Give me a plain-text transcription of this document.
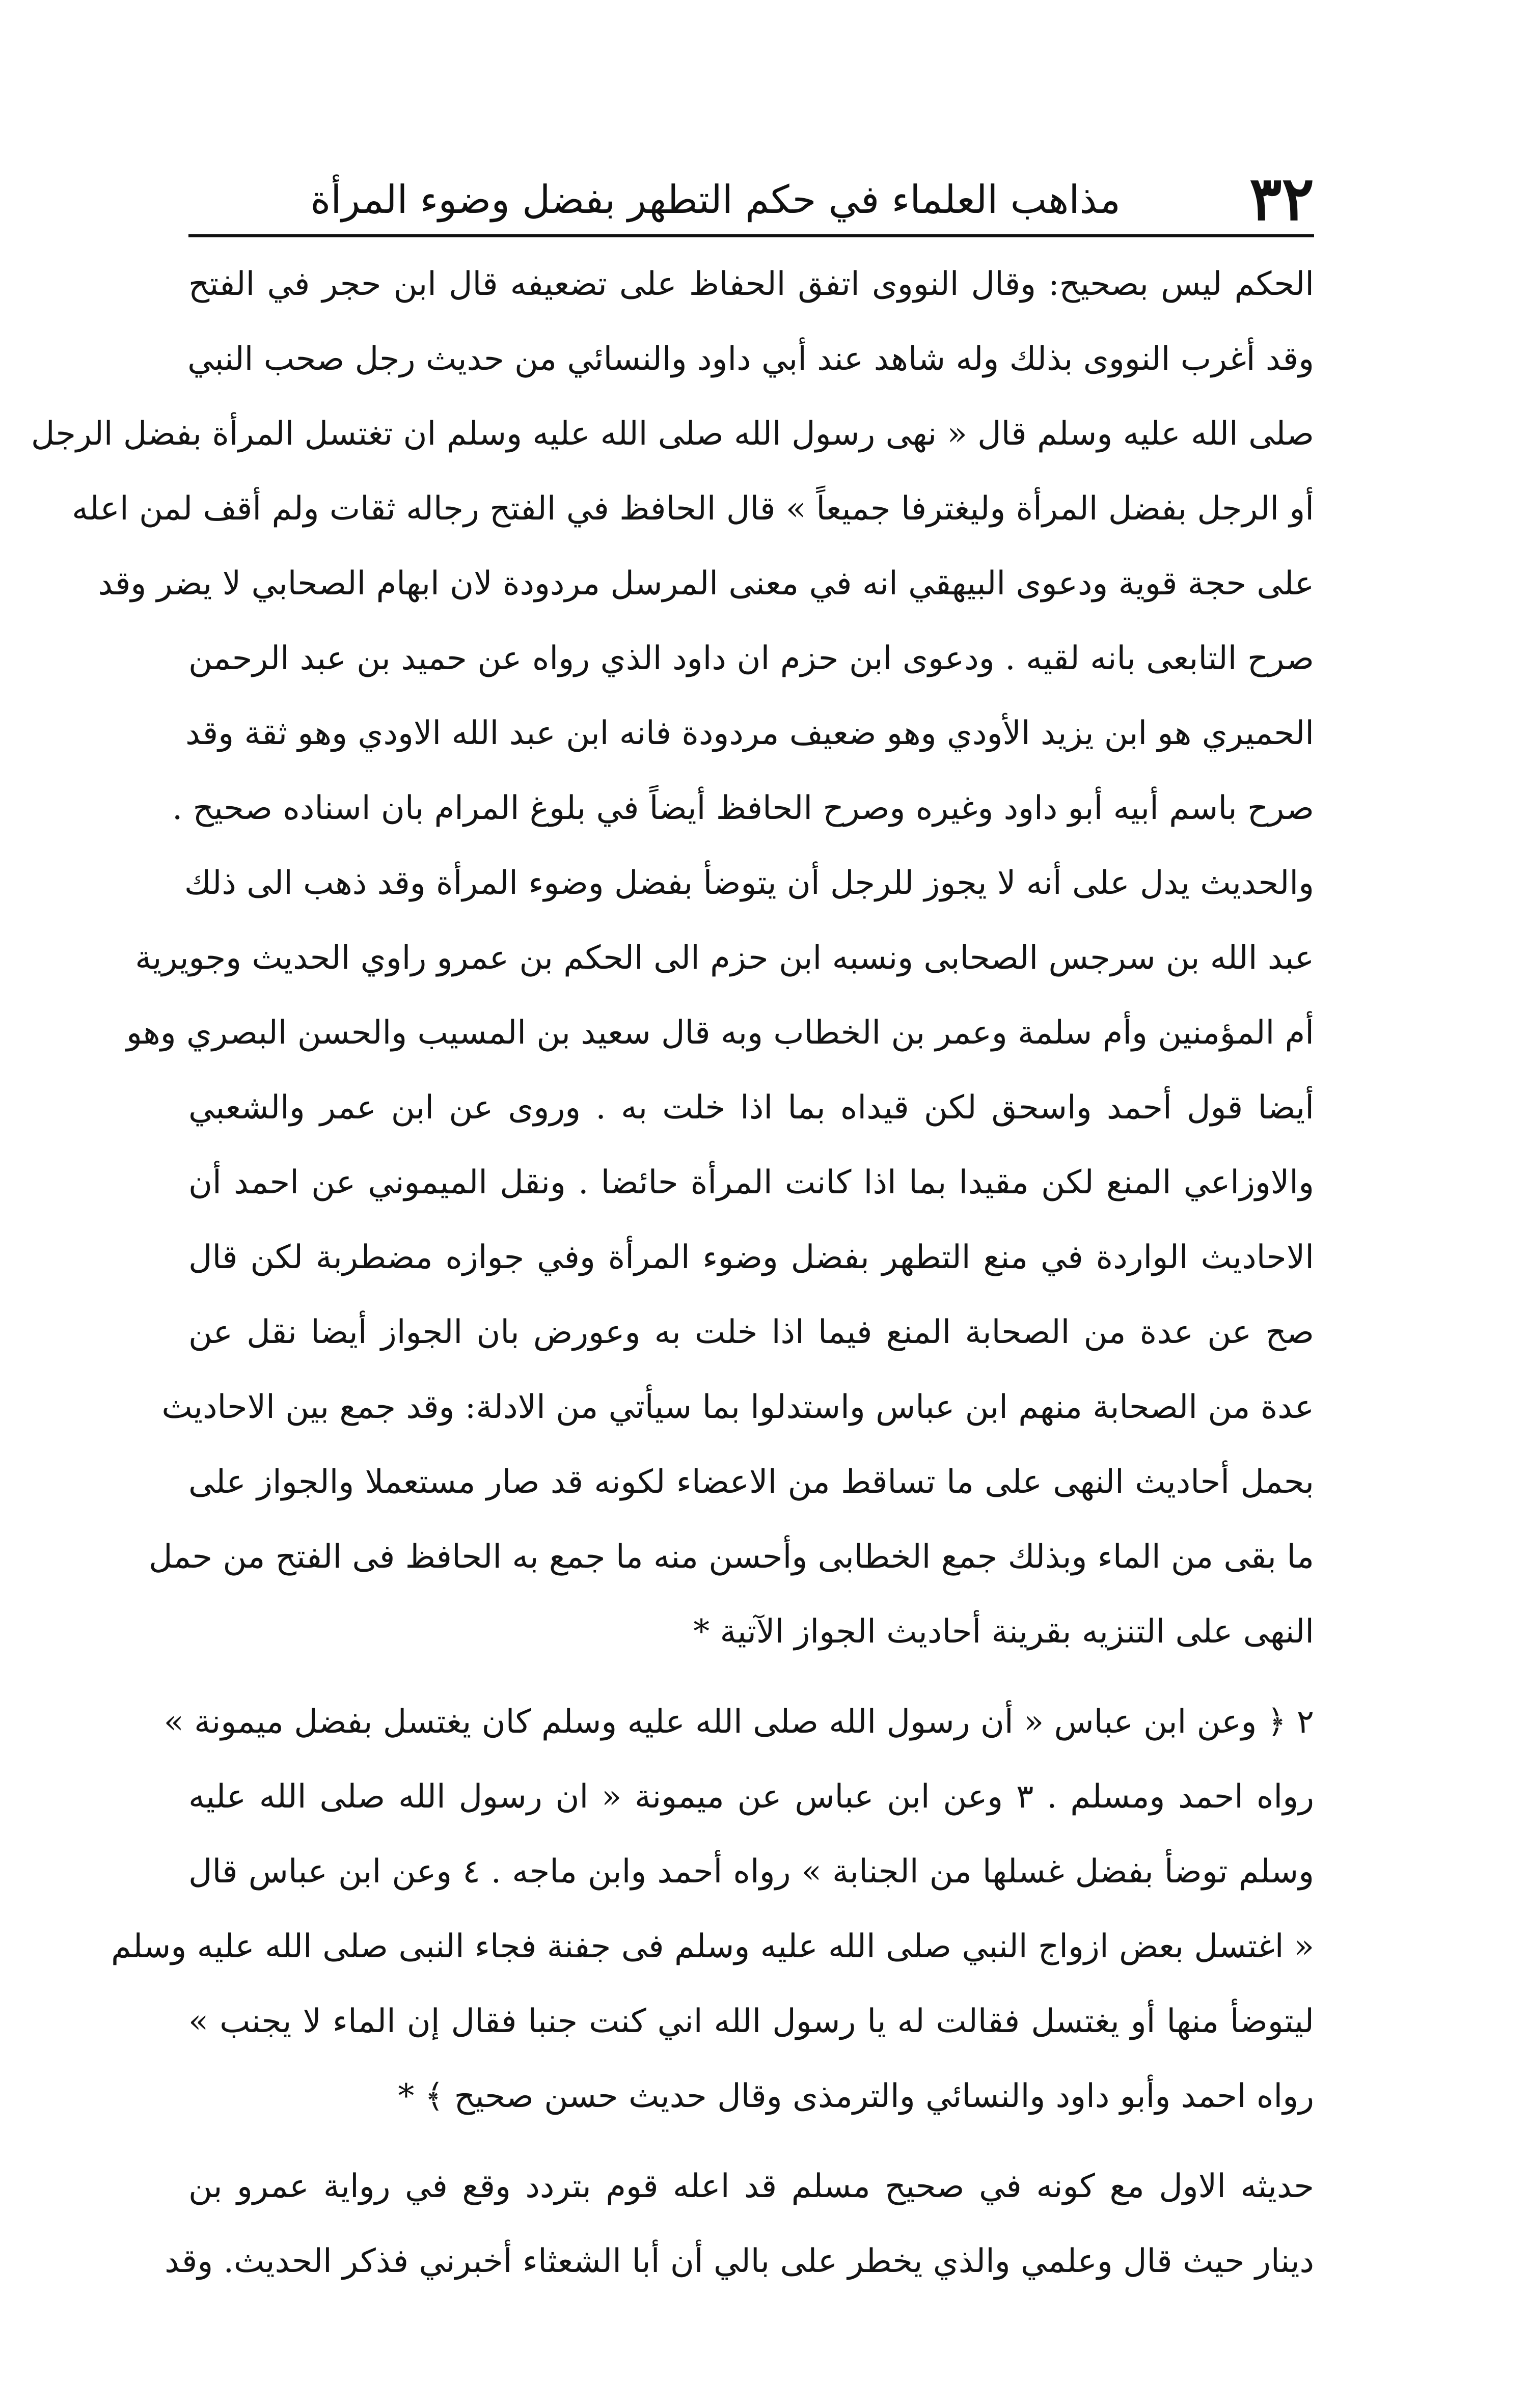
٣٢
مذاهب العلماء في حكم التطهر بفضل وضوء المرأة
الحكم ليس بصحيح: وقال النووى اتفق الحفاظ على تضعيفه قال ابن حجر في الفتح
وقد أغرب النووى بذلك وله شاهد عند أبي داود والنسائي من حديث رجل صحب النبي
صلى الله عليه وسلم قال « نهى رسول الله صلى الله عليه وسلم ان تغتسل المرأة بفضل الرجل
أو الرجل بفضل المرأة وليغترفا جميعاً » قال الحافظ في الفتح رجاله ثقات ولم أقف لمن اعله
على حجة قوية ودعوى البيهقي انه في معنى المرسل مردودة لان ابهام الصحابي لا يضر وقد
صرح التابعى بانه لقيه . ودعوى ابن حزم ان داود الذي رواه عن حميد بن عبد الرحمن
الحميري هو ابن يزيد الأودي وهو ضعيف مردودة فانه ابن عبد الله الاودي وهو ثقة وقد
صرح باسم أبيه أبو داود وغيره وصرح الحافظ أيضاً في بلوغ المرام بان اسناده صحيح .
والحديث يدل على أنه لا يجوز للرجل أن يتوضأ بفضل وضوء المرأة وقد ذهب الى ذلك
عبد الله بن سرجس الصحابى ونسبه ابن حزم الى الحكم بن عمرو راوي الحديث وجويرية
أم المؤمنين وأم سلمة وعمر بن الخطاب وبه قال سعيد بن المسيب والحسن البصري وهو
أيضا قول أحمد واسحق لكن قيداه بما اذا خلت به . وروى عن ابن عمر والشعبي
والاوزاعي المنع لكن مقيدا بما اذا كانت المرأة حائضا . ونقل الميموني عن احمد أن
الاحاديث الواردة في منع التطهر بفضل وضوء المرأة وفي جوازه مضطربة لكن قال
صح عن عدة من الصحابة المنع فيما اذا خلت به وعورض بان الجواز أيضا نقل عن
عدة من الصحابة منهم ابن عباس واستدلوا بما سيأتي من الادلة: وقد جمع بين الاحاديث
بحمل أحاديث النهى على ما تساقط من الاعضاء لكونه قد صار مستعملا والجواز على
ما بقى من الماء وبذلك جمع الخطابى وأحسن منه ما جمع به الحافظ فى الفتح من حمل
النهى على التنزيه بقرينة أحاديث الجواز الآتية *
٢ ﴿ وعن ابن عباس « أن رسول الله صلى الله عليه وسلم كان يغتسل بفضل ميمونة »
رواه احمد ومسلم . ٣ وعن ابن عباس عن ميمونة « ان رسول الله صلى الله عليه
وسلم توضأ بفضل غسلها من الجنابة » رواه أحمد وابن ماجه . ٤ وعن ابن عباس قال
« اغتسل بعض ازواج النبي صلى الله عليه وسلم فى جفنة فجاء النبى صلى الله عليه وسلم
ليتوضأ منها أو يغتسل فقالت له يا رسول الله اني كنت جنبا فقال إن الماء لا يجنب »
رواه احمد وأبو داود والنسائي والترمذى وقال حديث حسن صحيح ﴾ *
حديثه الاول مع كونه في صحيح مسلم قد اعله قوم بتردد وقع في رواية عمرو بن
دينار حيث قال وعلمي والذي يخطر على بالي أن أبا الشعثاء أخبرني فذكر الحديث. وقد
